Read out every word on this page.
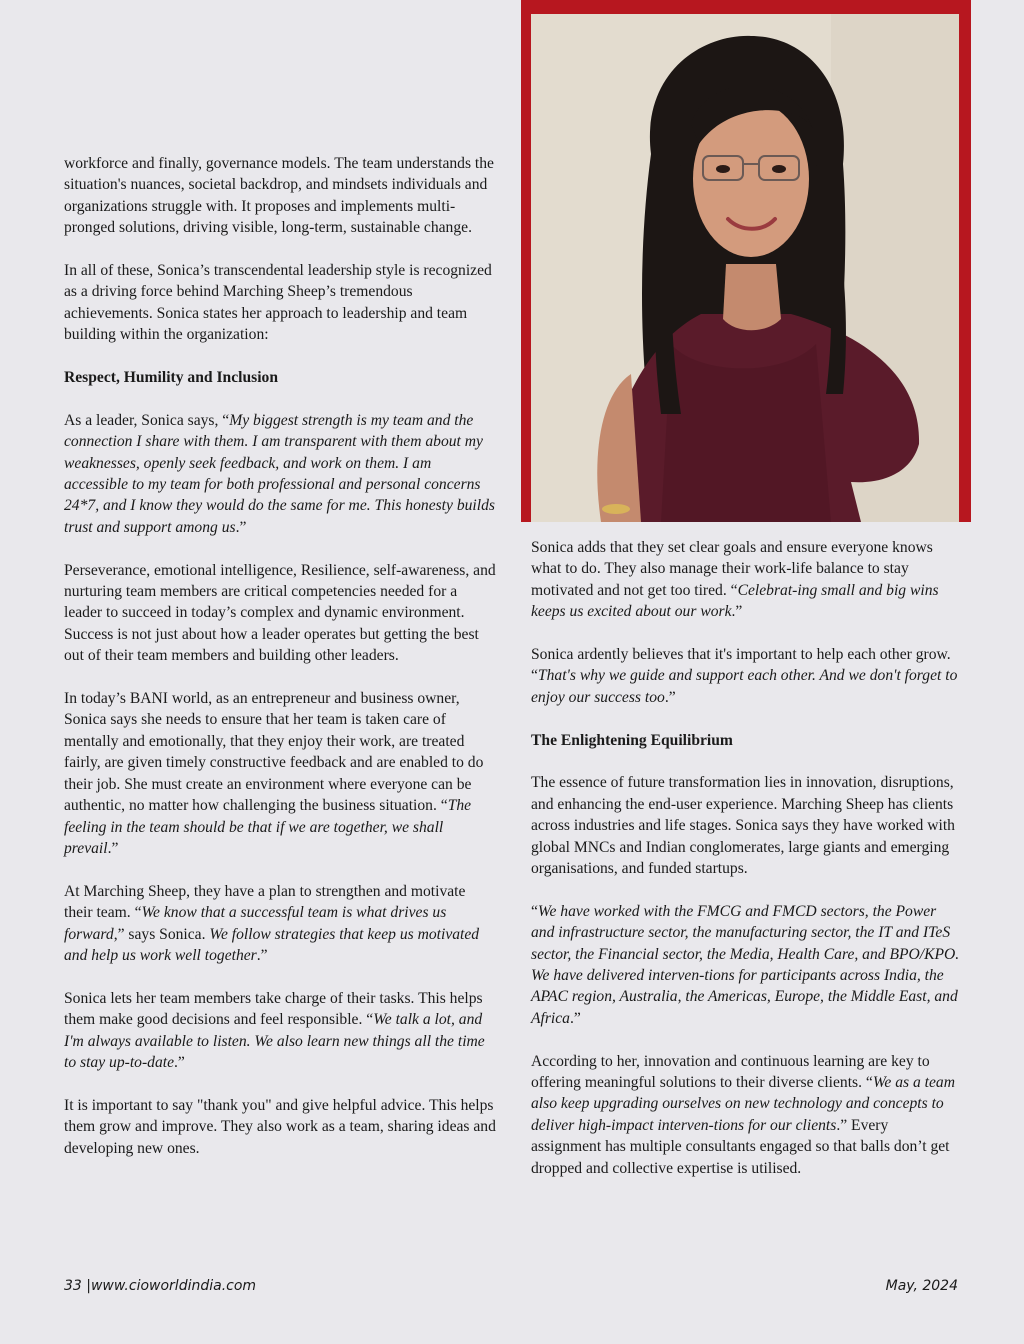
workforce and finally, governance models. The team understands the situation's nuances, societal backdrop, and mindsets individuals and organizations struggle with. It proposes and implements multi-pronged solutions, driving visible, long-term, sustainable change.

In all of these, Sonica’s transcendental leadership style is recognized as a driving force behind Marching Sheep’s tremendous achievements. Sonica states her approach to leadership and team building within the organization:

Respect, Humility and Inclusion

As a leader, Sonica says, “My biggest strength is my team and the connection I share with them. I am transparent with them about my weaknesses, openly seek feedback, and work on them. I am accessible to my team for both professional and personal concerns 24*7, and I know they would do the same for me. This honesty builds trust and support among us.”

Perseverance, emotional intelligence, Resilience, self-awareness, and nurturing team members are critical competencies needed for a leader to succeed in today’s complex and dynamic environment. Success is not just about how a leader operates but getting the best out of their team members and building other leaders.

In today’s BANI world, as an entrepreneur and business owner, Sonica says she needs to ensure that her team is taken care of mentally and emotionally, that they enjoy their work, are treated fairly, are given timely constructive feedback and are enabled to do their job. She must create an environment where everyone can be authentic, no matter how challenging the business situation. “The feeling in the team should be that if we are together, we shall prevail.”

At Marching Sheep, they have a plan to strengthen and motivate their team. “We know that a successful team is what drives us forward,” says Sonica. We follow strategies that keep us motivated and help us work well together.”

Sonica lets her team members take charge of their tasks. This helps them make good decisions and feel responsible. “We talk a lot, and I'm always available to listen. We also learn new things all the time to stay up-to-date.”

It is important to say "thank you" and give helpful advice. This helps them grow and improve. They also work as a team, sharing ideas and developing new ones.

Sonica adds that they set clear goals and ensure everyone knows what to do. They also manage their work-life balance to stay motivated and not get too tired. “Celebrat-ing small and big wins keeps us excited about our work.”

Sonica ardently believes that it's important to help each other grow. “That's why we guide and support each other. And we don't forget to enjoy our success too.”

The Enlightening Equilibrium

The essence of future transformation lies in innovation, disruptions, and enhancing the end-user experience. Marching Sheep has clients across industries and life stages. Sonica says they have worked with global MNCs and Indian conglomerates, large giants and emerging organisations, and funded startups.

“We have worked with the FMCG and FMCD sectors, the Power and infrastructure sector, the manufacturing sector, the IT and ITeS sector, the Financial sector, the Media, Health Care, and BPO/KPO. We have delivered interven-tions for participants across India, the APAC region, Australia, the Americas, Europe, the Middle East, and Africa.”

According to her, innovation and continuous learning are key to offering meaningful solutions to their diverse clients. “We as a team also keep upgrading ourselves on new technology and concepts to deliver high-impact interven-tions for our clients.” Every assignment has multiple consultants engaged so that balls don’t get dropped and collective expertise is utilised.

33 |www.cioworldindia.com	May, 2024
